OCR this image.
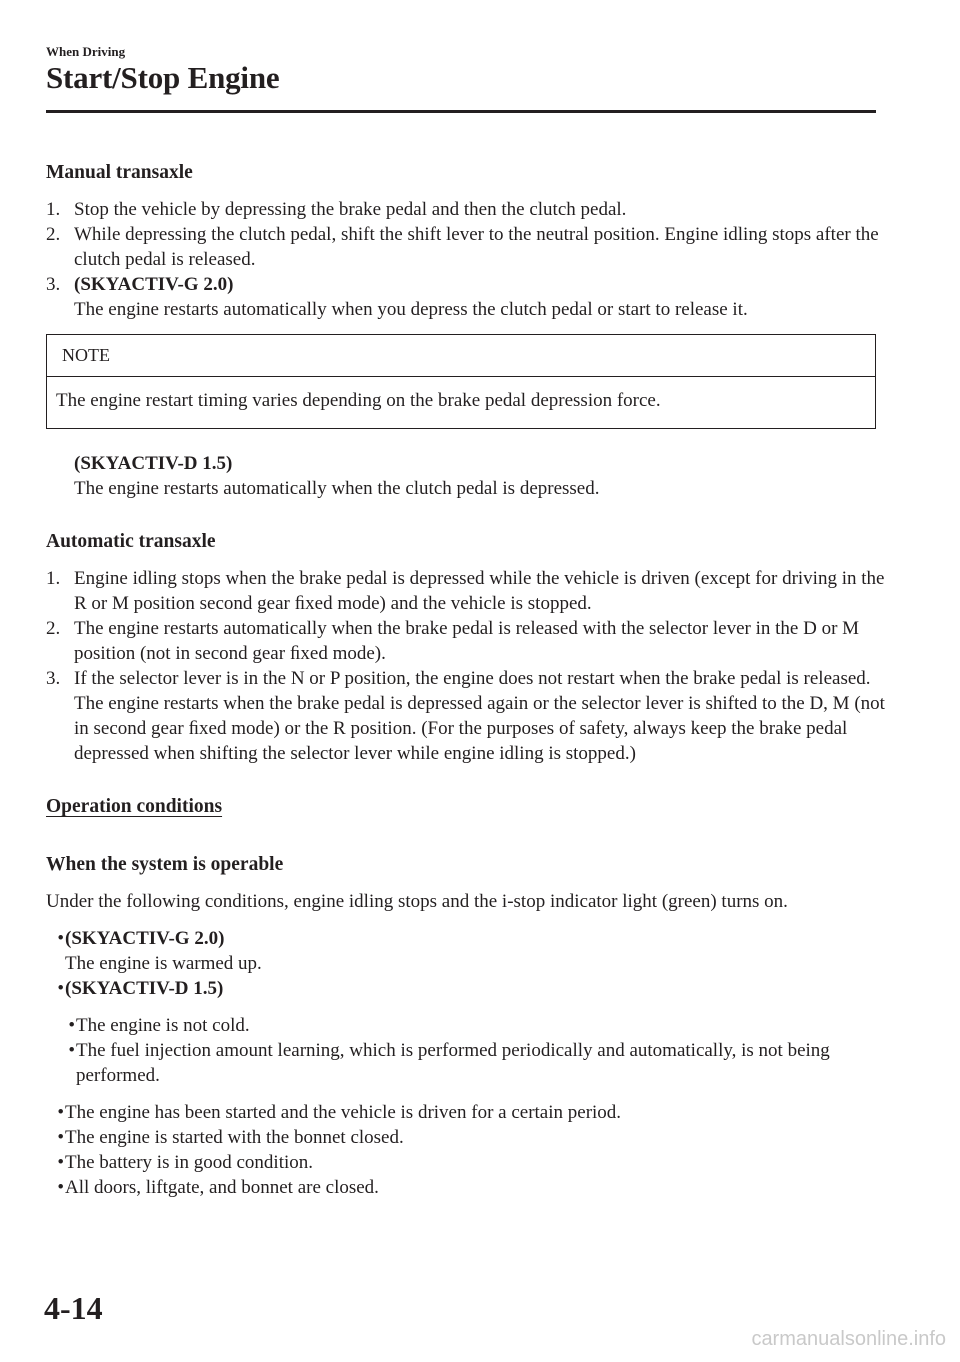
When Driving
Start/Stop Engine
Manual transaxle
1. Stop the vehicle by depressing the brake pedal and then the clutch pedal.
2. While depressing the clutch pedal, shift the shift lever to the neutral position. Engine idling stops after the clutch pedal is released.
3. (SKYACTIV-G 2.0)
The engine restarts automatically when you depress the clutch pedal or start to release it.
NOTE
The engine restart timing varies depending on the brake pedal depression force.
(SKYACTIV-D 1.5)
The engine restarts automatically when the clutch pedal is depressed.
Automatic transaxle
1. Engine idling stops when the brake pedal is depressed while the vehicle is driven (except for driving in the R or M position second gear ﬁxed mode) and the vehicle is stopped.
2. The engine restarts automatically when the brake pedal is released with the selector lever in the D or M position (not in second gear ﬁxed mode).
3. If the selector lever is in the N or P position, the engine does not restart when the brake pedal is released. The engine restarts when the brake pedal is depressed again or the selector lever is shifted to the D, M (not in second gear ﬁxed mode) or the R position. (For the purposes of safety, always keep the brake pedal depressed when shifting the selector lever while engine idling is stopped.)
Operation conditions
When the system is operable
Under the following conditions, engine idling stops and the i-stop indicator light (green) turns on.
• (SKYACTIV-G 2.0)
The engine is warmed up.
• (SKYACTIV-D 1.5)
• The engine is not cold.
• The fuel injection amount learning, which is performed periodically and automatically, is not being performed.
• The engine has been started and the vehicle is driven for a certain period.
• The engine is started with the bonnet closed.
• The battery is in good condition.
• All doors, liftgate, and bonnet are closed.
4-14
carmanualsonline.info
